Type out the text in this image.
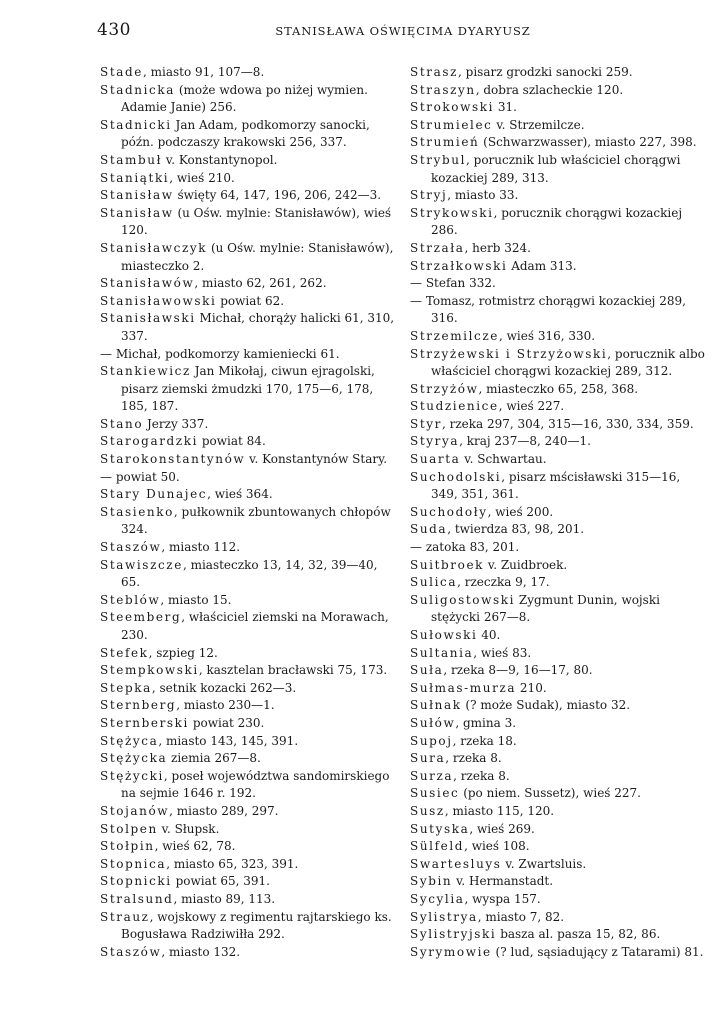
430	STANISŁAWA OŚWIĘCIMA DYARYUSZ

Stade, miasto 91, 107—8.

Stadnicka (może wdowa po niżej wymien. Adamie Janie) 256.

Stadnicki Jan Adam, podkomorzy sanocki, późn. podczaszy krakowski 256, 337.

Stambuł v. Konstantynopol.

Staniątki, wieś 210.

Stanisław święty 64, 147, 196, 206, 242—3.

Stanisław (u Ośw. mylnie: Stanisławów), wieś 120.

Stanisławczyk (u Ośw. mylnie: Stanisławów), miasteczko 2.

Stanisławów, miasto 62, 261, 262.

Stanisławowski powiat 62.

Stanisławski Michał, chorąży halicki 61, 310, 337.

— Michał, podkomorzy kamieniecki 61.

Stankiewicz Jan Mikołaj, ciwun ejragolski, pisarz ziemski żmudzki 170, 175—6, 178, 185, 187.

Stano Jerzy 337.

Starogardzki powiat 84.

Starokonstantynów v. Konstantynów Stary.

— powiat 50.

Stary Dunajec, wieś 364.

Stasienko, pułkownik zbuntowanych chłopów 324.

Staszów, miasto 112.

Stawiszcze, miasteczko 13, 14, 32, 39—40, 65.

Steblów, miasto 15.

Steemberg, właściciel ziemski na Morawach, 230.

Stefek, szpieg 12.

Stempkowski, kasztelan bracławski 75, 173.

Stepka, setnik kozacki 262—3.

Sternberg, miasto 230—1.

Sternberski powiat 230.

Stężyca, miasto 143, 145, 391.

Stężycka ziemia 267—8.

Stężycki, poseł województwa sandomirskiego na sejmie 1646 r. 192.

Stojanów, miasto 289, 297.

Stolpen v. Słupsk.

Stołpin, wieś 62, 78.

Stopnica, miasto 65, 323, 391.

Stopnicki powiat 65, 391.

Stralsund, miasto 89, 113.

Strauz, wojskowy z regimentu rajtarskiego ks. Bogusława Radziwiłła 292.

Staszów, miasto 132.

Strasz, pisarz grodzki sanocki 259.

Straszyn, dobra szlacheckie 120.

Strokowski 31.

Strumielec v. Strzemilcze.

Strumień (Schwarzwasser), miasto 227, 398.

Strybul, porucznik lub właściciel chorągwi kozackiej 289, 313.

Stryj, miasto 33.

Strykowski, porucznik chorągwi kozackiej 286.

Strzała, herb 324.

Strzałkowski Adam 313.

— Stefan 332.

— Tomasz, rotmistrz chorągwi kozackiej 289, 316.

Strzemilcze, wieś 316, 330.

Strzyżewski i Strzyżowski, porucznik albo właściciel chorągwi kozackiej 289, 312.

Strzyżów, miasteczko 65, 258, 368.

Studzienice, wieś 227.

Styr, rzeka 297, 304, 315—16, 330, 334, 359.

Styrya, kraj 237—8, 240—1.

Suarta v. Schwartau.

Suchodolski, pisarz mścisławski 315—16, 349, 351, 361.

Suchodoły, wieś 200.

Suda, twierdza 83, 98, 201.

— zatoka 83, 201.

Suitbroek v. Zuidbroek.

Sulica, rzeczka 9, 17.

Suligostowski Zygmunt Dunin, wojski stężycki 267—8.

Sułowski 40.

Sultania, wieś 83.

Suła, rzeka 8—9, 16—17, 80.

Sułmas-murza 210.

Sułnak (? może Sudak), miasto 32.

Sułów, gmina 3.

Supoj, rzeka 18.

Sura, rzeka 8.

Surza, rzeka 8.

Susiec (po niem. Sussetz), wieś 227.

Susz, miasto 115, 120.

Sutyska, wieś 269.

Sülfeld, wieś 108.

Swartesluys v. Zwartsluis.

Sybin v. Hermanstadt.

Sycylia, wyspa 157.

Sylistrya, miasto 7, 82.

Sylistryjski basza al. pasza 15, 82, 86.

Syrymowie (? lud, sąsiadujący z Tatarami) 81.
